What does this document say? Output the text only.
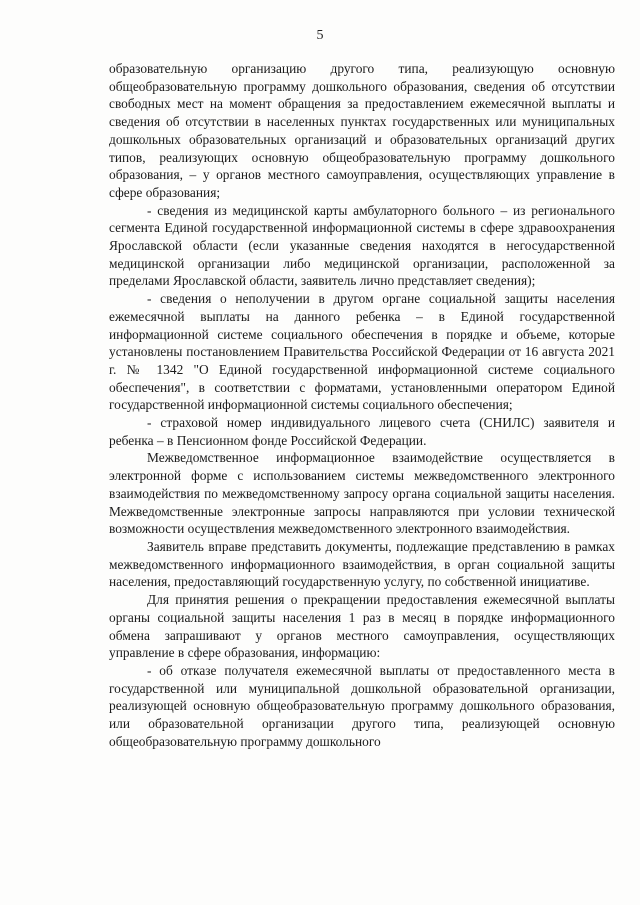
5

образовательную организацию другого типа, реализующую основную общеобразовательную программу дошкольного образования, сведения об отсутствии свободных мест на момент обращения за предоставлением ежемесячной выплаты и сведения об отсутствии в населенных пунктах государственных или муниципальных дошкольных образовательных организаций и образовательных организаций других типов, реализующих основную общеобразовательную программу дошкольного образования, – у органов местного самоуправления, осуществляющих управление в сфере образования;

- сведения из медицинской карты амбулаторного больного – из регионального сегмента Единой государственной информационной системы в сфере здравоохранения Ярославской области (если указанные сведения находятся в негосударственной медицинской организации либо медицинской организации, расположенной за пределами Ярославской области, заявитель лично представляет сведения);

- сведения о неполучении в другом органе социальной защиты населения ежемесячной выплаты на данного ребенка – в Единой государственной информационной системе социального обеспечения в порядке и объеме, которые установлены постановлением Правительства Российской Федерации от 16 августа 2021 г. № 1342 "О Единой государственной информационной системе социального обеспечения", в соответствии с форматами, установленными оператором Единой государственной информационной системы социального обеспечения;

- страховой номер индивидуального лицевого счета (СНИЛС) заявителя и ребенка – в Пенсионном фонде Российской Федерации.

Межведомственное информационное взаимодействие осуществляется в электронной форме с использованием системы межведомственного электронного взаимодействия по межведомственному запросу органа социальной защиты населения. Межведомственные электронные запросы направляются при условии технической возможности осуществления межведомственного электронного взаимодействия.

Заявитель вправе представить документы, подлежащие представлению в рамках межведомственного информационного взаимодействия, в орган социальной защиты населения, предоставляющий государственную услугу, по собственной инициативе.

Для принятия решения о прекращении предоставления ежемесячной выплаты органы социальной защиты населения 1 раз в месяц в порядке информационного обмена запрашивают у органов местного самоуправления, осуществляющих управление в сфере образования, информацию:

- об отказе получателя ежемесячной выплаты от предоставленного места в государственной или муниципальной дошкольной образовательной организации, реализующей основную общеобразовательную программу дошкольного образования, или образовательной организации другого типа, реализующей основную общеобразовательную программу дошкольного
